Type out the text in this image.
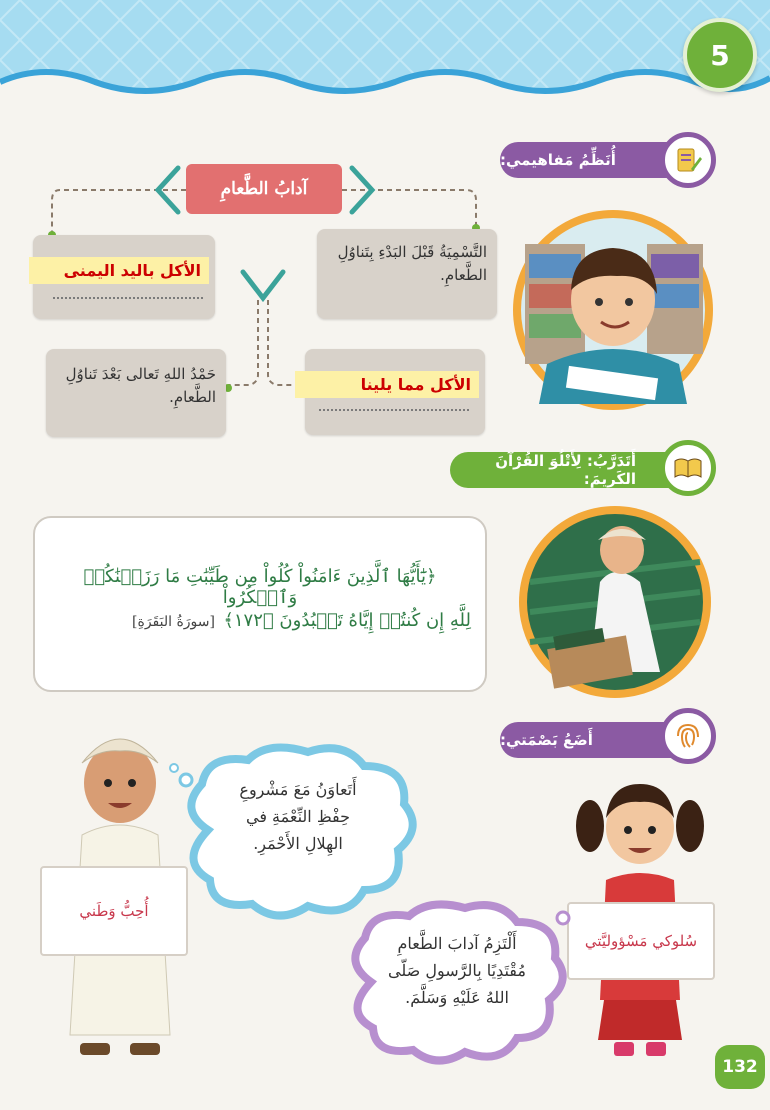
5
أُنَظِّمُ مَفاهيمي:
آدابُ الطَّعامِ
الأكل باليد اليمنى
التَّسْمِيَةُ قَبْلَ البَدْءِ بِتَناوُلِ الطَّعامِ.
حَمْدُ اللهِ تَعالى بَعْدَ تَناوُلِ الطَّعامِ.
الأكل مما يلينا
أَتَدَرَّبُ: لِأَتْلُوَ القُرْآنَ الكَريمَ:
﴿يَٰٓأَيُّهَا ٱلَّذِينَ ءَامَنُواْ كُلُواْ مِن طَيِّبَٰتِ مَا رَزَقۡنَٰكُمۡ وَٱشۡكُرُواْ
لِلَّهِ إِن كُنتُمۡ إِيَّاهُ تَعۡبُدُونَ ﴿١٧٢﴾
[سورَةُ البَقَرَةِ]
أَضَعُ بَصْمَتي:
أُحِبُّ وَطَني
أَتَعاوَنُ مَعَ مَشْروعِ
حِفْظِ النِّعْمَةِ في
الهِلالِ الأَحْمَرِ.
سُلوكي مَسْؤوليَّتي
أَلْتَزِمُ آدابَ الطَّعامِ
مُقْتَدِيًا بِالرَّسولِ صَلّى
اللهُ عَلَيْهِ وَسَلَّمَ.
132
